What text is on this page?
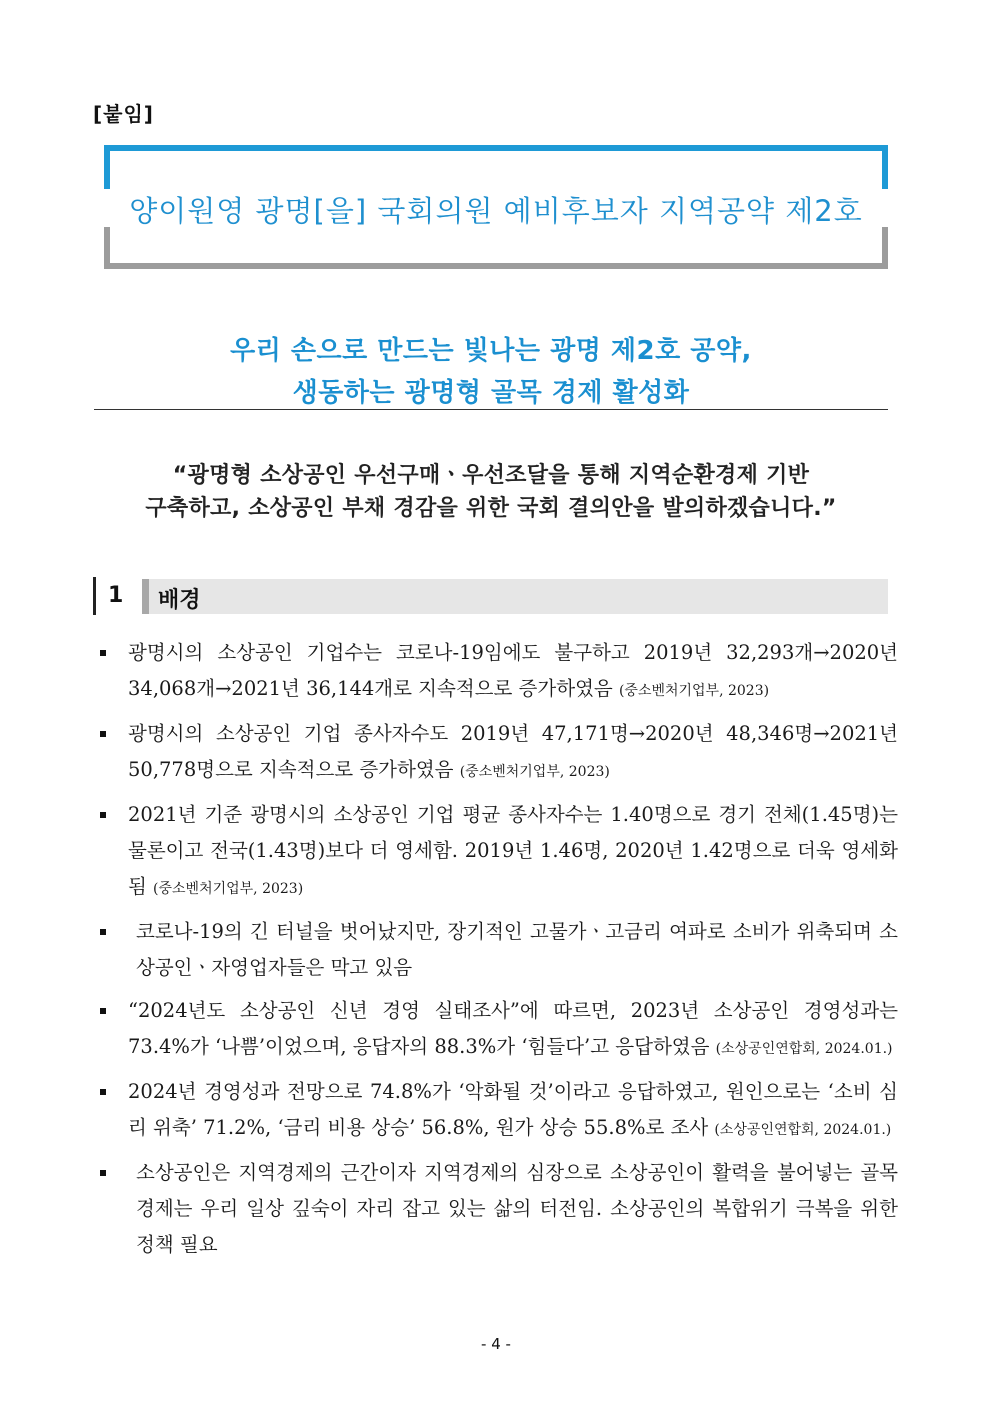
[붙임]
양이원영 광명[을] 국회의원 예비후보자 지역공약 제2호
우리 손으로 만드는 빛나는 광명 제2호 공약,
생동하는 광명형 골목 경제 활성화
“광명형 소상공인 우선구매ㆍ우선조달을 통해 지역순환경제 기반
구축하고, 소상공인 부채 경감을 위한 국회 결의안을 발의하겠습니다.”
1 배경
광명시의 소상공인 기업수는 코로나-19임에도 불구하고 2019년 32,293개→2020년 34,068개→2021년 36,144개로 지속적으로 증가하였음 (중소벤처기업부, 2023)
광명시의 소상공인 기업 종사자수도 2019년 47,171명→2020년 48,346명→2021년 50,778명으로 지속적으로 증가하였음 (중소벤처기업부, 2023)
2021년 기준 광명시의 소상공인 기업 평균 종사자수는 1.40명으로 경기 전체(1.45명)는 물론이고 전국(1.43명)보다 더 영세함. 2019년 1.46명, 2020년 1.42명으로 더욱 영세화됨 (중소벤처기업부, 2023)
코로나-19의 긴 터널을 벗어났지만, 장기적인 고물가ㆍ고금리 여파로 소비가 위축되며 소상공인ㆍ자영업자들은 막고 있음
“2024년도 소상공인 신년 경영 실태조사”에 따르면, 2023년 소상공인 경영성과는 73.4%가 ‘나쁨’이었으며, 응답자의 88.3%가 ‘힘들다’고 응답하였음 (소상공인연합회, 2024.01.)
2024년 경영성과 전망으로 74.8%가 ‘악화될 것’이라고 응답하였고, 원인으로는 ‘소비 심리 위축’ 71.2%, ‘금리 비용 상승’ 56.8%, 원가 상승 55.8%로 조사 (소상공인연합회, 2024.01.)
소상공인은 지역경제의 근간이자 지역경제의 심장으로 소상공인이 활력을 불어넣는 골목경제는 우리 일상 깊숙이 자리 잡고 있는 삶의 터전임. 소상공인의 복합위기 극복을 위한 정책 필요
- 4 -
